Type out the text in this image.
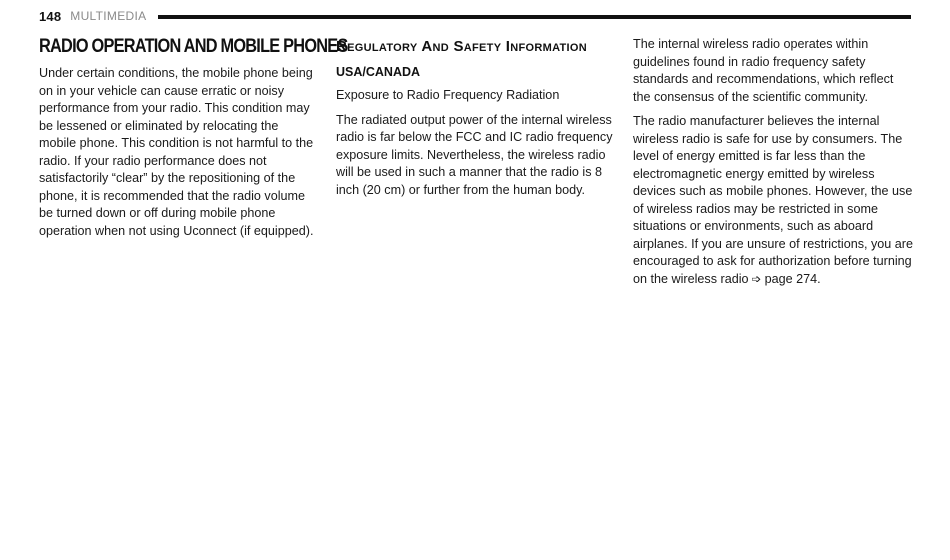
148 MULTIMEDIA
RADIO OPERATION AND MOBILE PHONES

Under certain conditions, the mobile phone being on in your vehicle can cause erratic or noisy performance from your radio. This condition may be lessened or eliminated by relocating the mobile phone. This condition is not harmful to the radio. If your radio performance does not satisfactorily “clear” by the repositioning of the phone, it is recommended that the radio volume be turned down or off during mobile phone operation when not using Uconnect (if equipped).

Regulatory And Safety Information
USA/CANADA

Exposure to Radio Frequency Radiation

The radiated output power of the internal wireless radio is far below the FCC and IC radio frequency exposure limits. Nevertheless, the wireless radio will be used in such a manner that the radio is 8 inch (20 cm) or further from the human body.

The internal wireless radio operates within guidelines found in radio frequency safety standards and recommendations, which reflect the consensus of the scientific community.

The radio manufacturer believes the internal wireless radio is safe for use by consumers. The level of energy emitted is far less than the electromagnetic energy emitted by wireless devices such as mobile phones. However, the use of wireless radios may be restricted in some situations or environments, such as aboard airplanes. If you are unsure of restrictions, you are encouraged to ask for authorization before turning on the wireless radio ➩ page 274.
